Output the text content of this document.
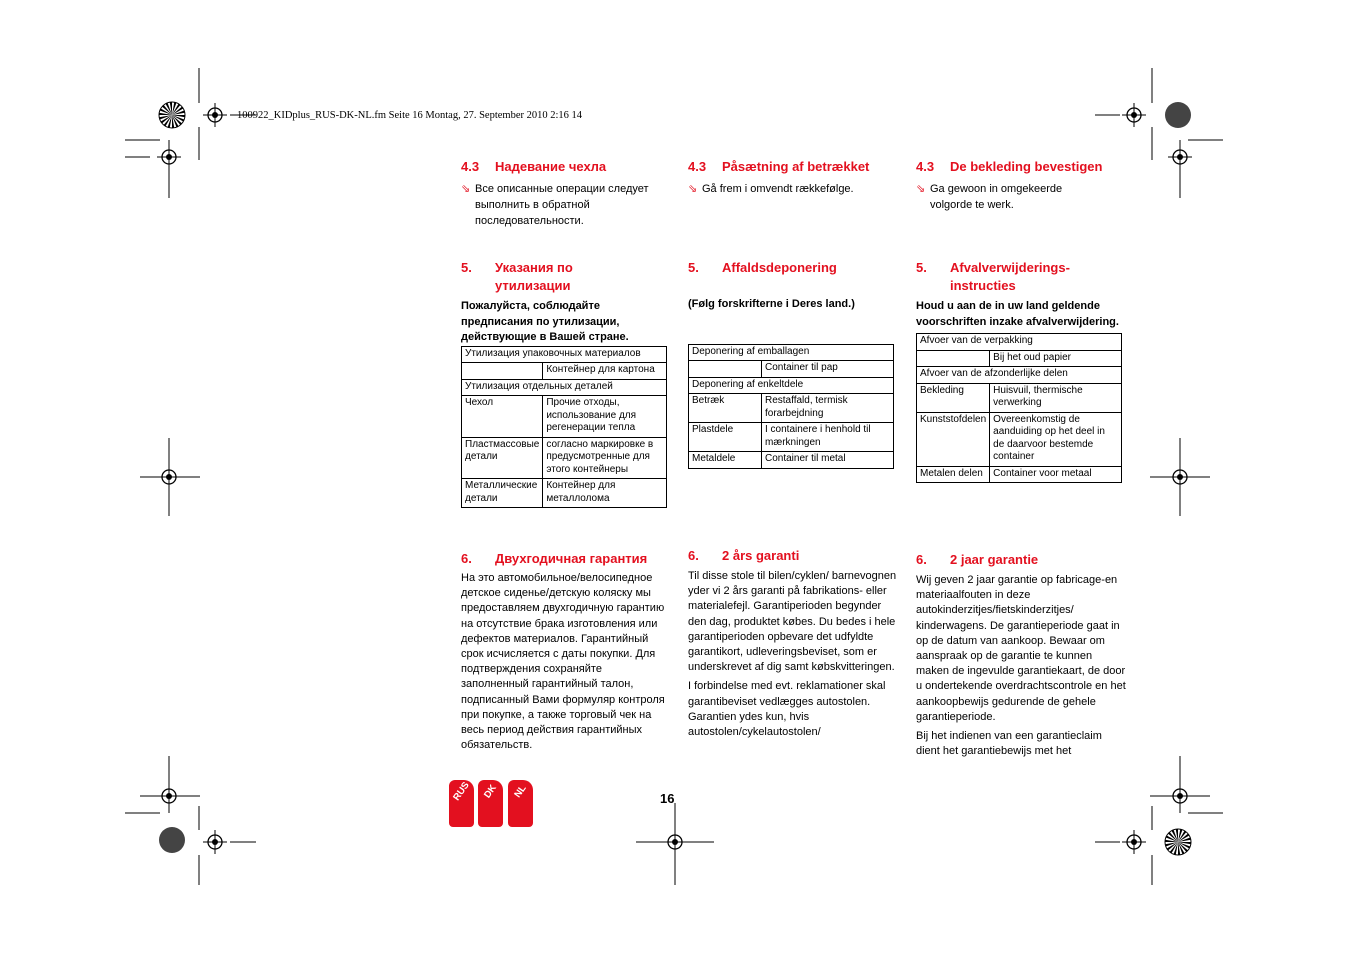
100922_KIDplus_RUS-DK-NL.fm Seite 16 Montag, 27. September 2010 2:16 14
4.3 Надевание чехла
⇘ Все описанные операции следует выполнить в обратной последовательности.
5.	Указания по утилизации
Пожалуйста, соблюдайте предписания по утилизации, действующие в Вашей стране.
Утилизация упаковочных материалов	
	Контейнер для картона
Утилизация отдельных деталей	
Чехол	Прочие отходы, использование для регенерации тепла
Пластмассовые детали	согласно маркировке в предусмотренные для этого контейнеры
Металлические детали	Контейнер для металлолома
6. Двухгодичная гарантия

На это автомобильное/велосипедное детское сиденье/детскую коляску мы предоставляем двухгодичную гарантию на отсутствие брака изготовления или дефектов материалов. Гарантийный срок исчисляется с даты покупки. Для подтверждения сохраняйте заполненный гарантийный талон, подписанный Вами формуляр контроля при покупке, а также торговый чек на весь период действия гарантийных обязательств.

4.3 Påsætning af betrækket
⇘ Gå frem i omvendt rækkefølge.
5.	Affaldsdeponering
(Følg forskrifterne i Deres land.)
Deponering af emballagen	
	Container til pap
Deponering af enkeltdele	
Betræk	Restaffald, termisk forarbejdning
Plastdele	I containere i henhold til mærkningen
Metaldele	Container til metal
6. 2 års garanti

Til disse stole til bilen/cyklen/ barnevognen yder vi 2 års garanti på fabrikations- eller materialefejl. Garantiperioden begynder den dag, produktet købes. Du bedes i hele garantiperioden opbevare det udfyldte garantikort, udleveringsbeviset, som er underskrevet af dig samt købskvitteringen.

I forbindelse med evt. reklamationer skal garantibeviset vedlægges autostolen. Garantien ydes kun, hvis autostolen/cykelautostolen/

4.3 De bekleding bevestigen
⇘ Ga gewoon in omgekeerde volgorde te werk.
5.	Afvalverwijderings-instructies
Houd u aan de in uw land geldende voorschriften inzake afvalverwijdering.
Afvoer van de verpakking	
	Bij het oud papier
Afvoer van de afzonderlijke delen	
Bekleding	Huisvuil, thermische verwerking
Kunststofdelen	Overeenkomstig de aanduiding op het deel in de daarvoor bestemde container
Metalen delen	Container voor metaal
6. 2 jaar garantie

Wij geven 2 jaar garantie op fabricage-en materiaalfouten in deze autokinderzitjes/fietskinderzitjes/ kinderwagens. De garantieperiode gaat in op de datum van aankoop. Bewaar om aanspraak op de garantie te kunnen maken de ingevulde garantiekaart, de door u ondertekende overdrachtscontrole en het aankoopbewijs gedurende de gehele garantieperiode.

Bij het indienen van een garantieclaim dient het garantiebewijs met het

RUS	DK	NL	16
